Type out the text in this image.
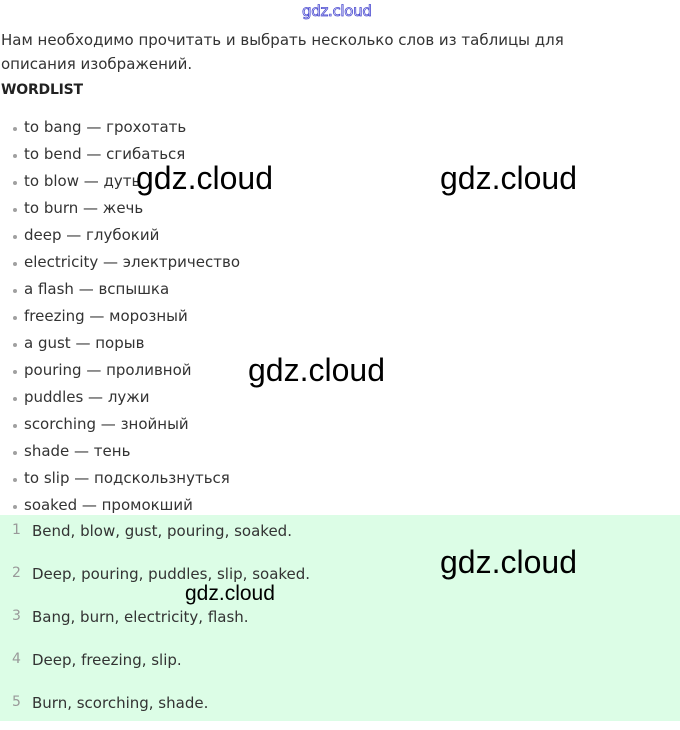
gdz.cloud

Нам необходимо прочитать и выбрать несколько слов из таблицы для описания изображений.

WORDLIST
to bang — грохотать
to bend — сгибаться
to blow — дуть
to burn — жечь
deep — глубокий
electricity — электричество
a flash — вспышка
freezing — морозный
a gust — порыв
pouring — проливной
puddles — лужи
scorching — знойный
shade — тень
to slip — подскользнуться
soaked — промокший
1 Bend, blow, gust, pouring, soaked.
2 Deep, pouring, puddles, slip, soaked.
3 Bang, burn, electricity, flash.
4 Deep, freezing, slip.
5 Burn, scorching, shade.
gdz.cloud	gdz.cloud
gdz.cloud
gdz.cloud
gdz.cloud
